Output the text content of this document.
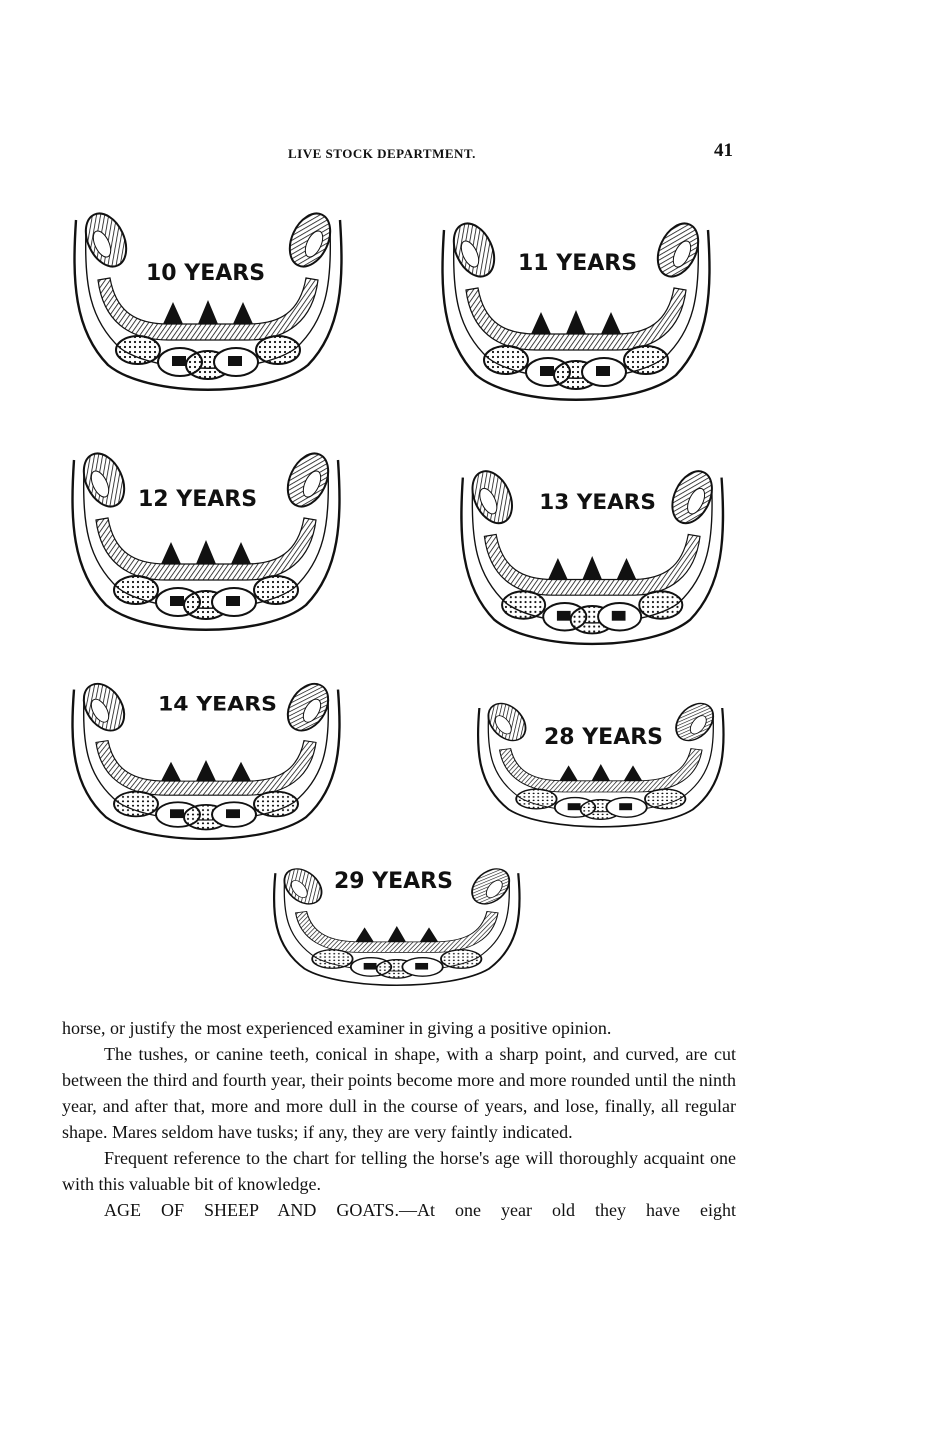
LIVE STOCK DEPARTMENT.	41
10 YEARS	11 YEARS
12 YEARS	13 YEARS
14 YEARS
28 YEARS
29 YEARS

horse, or justify the most experienced examiner in giving a positive opinion.

The tushes, or canine teeth, conical in shape, with a sharp point, and curved, are cut between the third and fourth year, their points become more and more rounded until the ninth year, and after that, more and more dull in the course of years, and lose, finally, all regular shape. Mares seldom have tusks; if any, they are very faintly indicated.

Frequent reference to the chart for telling the horse's age will thoroughly acquaint one with this valuable bit of knowledge.

AGE OF SHEEP AND GOATS.—At one year old they have eight
